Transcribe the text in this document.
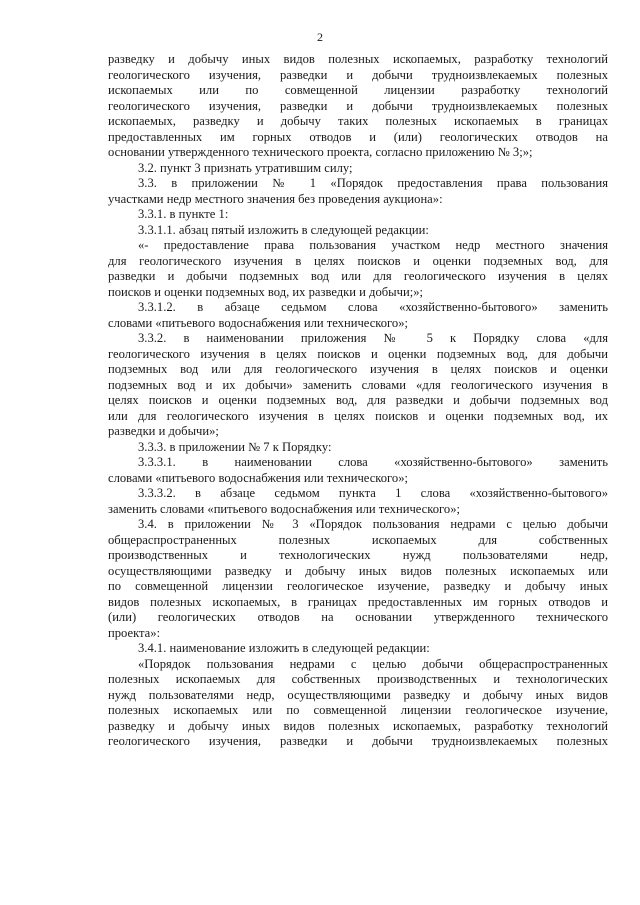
2
разведку и добычу иных видов полезных ископаемых, разработку технологий
геологического изучения, разведки и добычи трудноизвлекаемых полезных
ископаемых или по совмещенной лицензии разработку технологий
геологического изучения, разведки и добычи трудноизвлекаемых полезных
ископаемых, разведку и добычу таких полезных ископаемых в границах
предоставленных им горных отводов и (или) геологических отводов на
основании утвержденного технического проекта, согласно приложению № 3;»;
3.2. пункт 3 признать утратившим силу;
3.3. в приложении № 1 «Порядок предоставления права пользования
участками недр местного значения без проведения аукциона»:
3.3.1. в пункте 1:
3.3.1.1. абзац пятый изложить в следующей редакции:
«- предоставление права пользования участком недр местного значения
для геологического изучения в целях поисков и оценки подземных вод, для
разведки и добычи подземных вод или для геологического изучения в целях
поисков и оценки подземных вод, их разведки и добычи;»;
3.3.1.2. в абзаце седьмом слова «хозяйственно-бытового» заменить
словами «питьевого водоснабжения или технического»;
3.3.2. в наименовании приложения № 5 к Порядку слова «для
геологического изучения в целях поисков и оценки подземных вод, для добычи
подземных вод или для геологического изучения в целях поисков и оценки
подземных вод и их добычи» заменить словами «для геологического изучения в
целях поисков и оценки подземных вод, для разведки и добычи подземных вод
или для геологического изучения в целях поисков и оценки подземных вод, их
разведки и добычи»;
3.3.3. в приложении № 7 к Порядку:
3.3.3.1. в наименовании слова «хозяйственно-бытового» заменить
словами «питьевого водоснабжения или технического»;
3.3.3.2. в абзаце седьмом пункта 1 слова «хозяйственно-бытового»
заменить словами «питьевого водоснабжения или технического»;
3.4. в приложении № 3 «Порядок пользования недрами с целью добычи
общераспространенных полезных ископаемых для собственных
производственных и технологических нужд пользователями недр,
осуществляющими разведку и добычу иных видов полезных ископаемых или
по совмещенной лицензии геологическое изучение, разведку и добычу иных
видов полезных ископаемых, в границах предоставленных им горных отводов и
(или) геологических отводов на основании утвержденного технического
проекта»:
3.4.1. наименование изложить в следующей редакции:
«Порядок пользования недрами с целью добычи общераспространенных
полезных ископаемых для собственных производственных и технологических
нужд пользователями недр, осуществляющими разведку и добычу иных видов
полезных ископаемых или по совмещенной лицензии геологическое изучение,
разведку и добычу иных видов полезных ископаемых, разработку технологий
геологического изучения, разведки и добычи трудноизвлекаемых полезных
